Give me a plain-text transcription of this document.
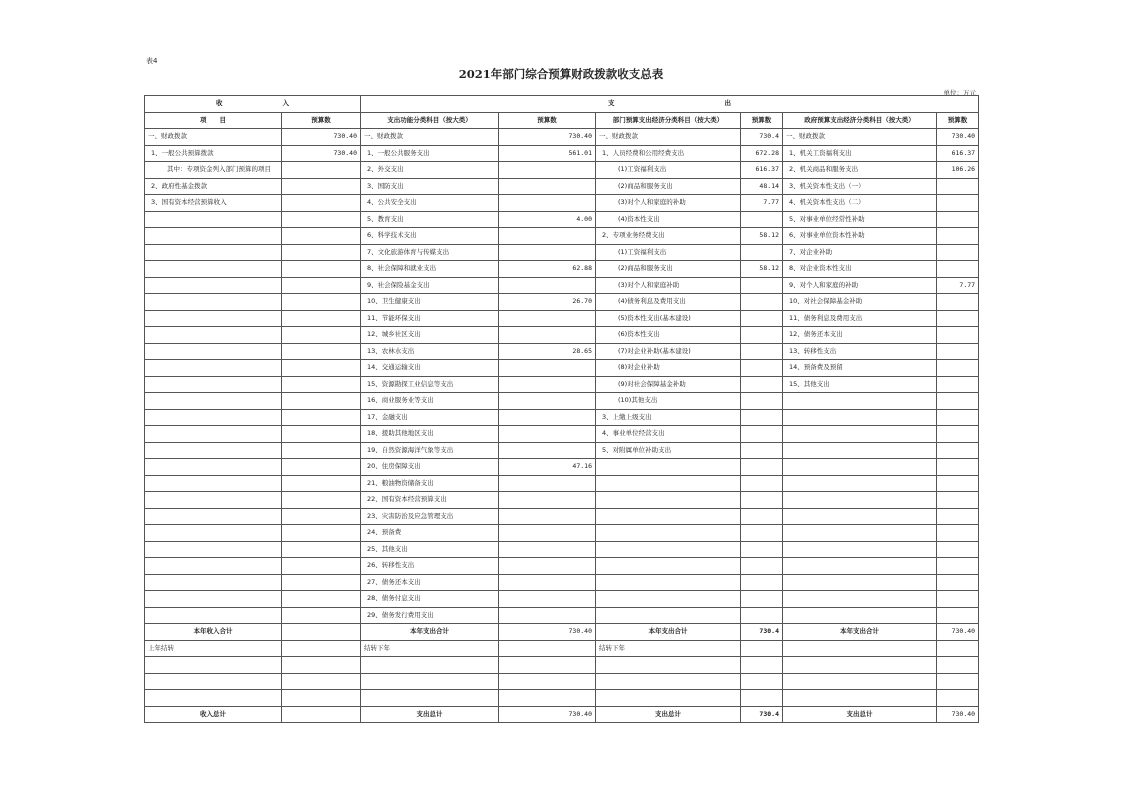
表4
2021年部门综合预算财政拨款收支总表
单位：万元
收 入		支 出					
项　　目	预算数	支出功能分类科目（按大类）	预算数	部门预算支出经济分类科目（按大类）	预算数	政府预算支出经济分类科目（按大类）	预算数
一、财政拨款	730.40	一、财政拨款	730.40	一、财政拨款	730.4	一、财政拨款	730.40
1、一般公共预算拨款	730.40	1、一般公共服务支出	561.01	1、人员经费和公用经费支出	672.28	1、机关工资福利支出	616.37
其中：专项资金列入部门预算的项目		2、外交支出		(1)工资福利支出	616.37	2、机关商品和服务支出	106.26
2、政府性基金拨款		3、国防支出		(2)商品和服务支出	48.14	3、机关资本性支出（一）	
3、国有资本经营预算收入		4、公共安全支出		(3)对个人和家庭的补助	7.77	4、机关资本性支出（二）	
		5、教育支出	4.00	(4)资本性支出		5、对事业单位经常性补助	
		6、科学技术支出		2、专项业务经费支出	58.12	6、对事业单位资本性补助	
		7、文化旅游体育与传媒支出		(1)工资福利支出		7、对企业补助	
		8、社会保障和就业支出	62.88	(2)商品和服务支出	58.12	8、对企业资本性支出	
		9、社会保险基金支出		(3)对个人和家庭补助		9、对个人和家庭的补助	7.77
		10、卫生健康支出	26.70	(4)债务利息及费用支出		10、对社会保障基金补助	
		11、节能环保支出		(5)资本性支出(基本建设)		11、债务利息及费用支出	
		12、城乡社区支出		(6)资本性支出		12、债务还本支出	
		13、农林水支出	28.65	(7)对企业补助(基本建设)		13、转移性支出	
		14、交通运输支出		(8)对企业补助		14、预备费及预留	
		15、资源勘探工业信息等支出		(9)对社会保障基金补助		15、其他支出	
		16、商业服务业等支出		(10)其他支出			
		17、金融支出		3、上缴上级支出			
		18、援助其他地区支出		4、事业单位经营支出			
		19、自然资源海洋气象等支出		5、对附属单位补助支出			
		20、住房保障支出	47.16				
		21、粮油物资储备支出					
		22、国有资本经营预算支出					
		23、灾害防治及应急管理支出					
		24、预备费					
		25、其他支出					
		26、转移性支出					
		27、债务还本支出					
		28、债务付息支出					
		29、债务发行费用支出					
本年收入合计		本年支出合计	730.40	本年支出合计	730.4	本年支出合计	730.40
上年结转		结转下年		结转下年			

收入总计		支出总计	730.40	支出总计	730.4	支出总计	730.40
